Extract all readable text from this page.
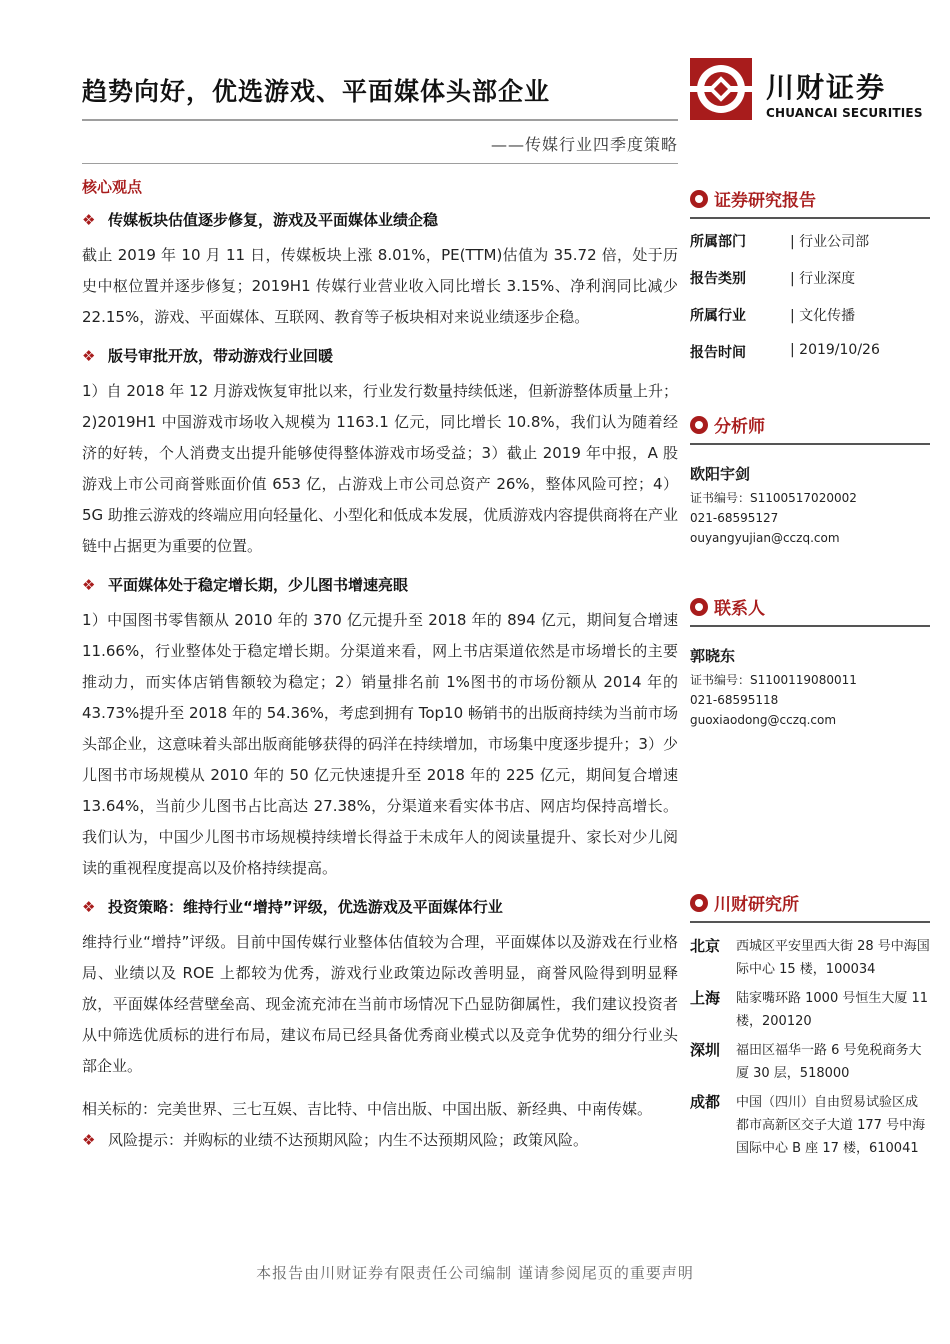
趋势向好，优选游戏、平面媒体头部企业
——传媒行业四季度策略
川财证券
CHUANCAI SECURITIES
核心观点
❖ 传媒板块估值逐步修复，游戏及平面媒体业绩企稳

截止 2019 年 10 月 11 日，传媒板块上涨 8.01%，PE(TTM)估值为 35.72 倍，处于历史中枢位置并逐步修复；2019H1 传媒行业营业收入同比增长 3.15%、净利润同比减少 22.15%，游戏、平面媒体、互联网、教育等子板块相对来说业绩逐步企稳。

❖ 版号审批开放，带动游戏行业回暖

1）自 2018 年 12 月游戏恢复审批以来，行业发行数量持续低迷，但新游整体质量上升；2)2019H1 中国游戏市场收入规模为 1163.1 亿元，同比增长 10.8%，我们认为随着经济的好转，个人消费支出提升能够使得整体游戏市场受益；3）截止 2019 年中报，A 股游戏上市公司商誉账面价值 653 亿，占游戏上市公司总资产 26%，整体风险可控；4）5G 助推云游戏的终端应用向轻量化、小型化和低成本发展，优质游戏内容提供商将在产业链中占据更为重要的位置。

❖ 平面媒体处于稳定增长期，少儿图书增速亮眼

1）中国图书零售额从 2010 年的 370 亿元提升至 2018 年的 894 亿元，期间复合增速 11.66%，行业整体处于稳定增长期。分渠道来看，网上书店渠道依然是市场增长的主要推动力，而实体店销售额较为稳定；2）销量排名前 1%图书的市场份额从 2014 年的 43.73%提升至 2018 年的 54.36%，考虑到拥有 Top10 畅销书的出版商持续为当前市场头部企业，这意味着头部出版商能够获得的码洋在持续增加，市场集中度逐步提升；3）少儿图书市场规模从 2010 年的 50 亿元快速提升至 2018 年的 225 亿元，期间复合增速 13.64%，当前少儿图书占比高达 27.38%，分渠道来看实体书店、网店均保持高增长。我们认为，中国少儿图书市场规模持续增长得益于未成年人的阅读量提升、家长对少儿阅读的重视程度提高以及价格持续提高。

❖ 投资策略：维持行业“增持”评级，优选游戏及平面媒体行业

维持行业“增持”评级。目前中国传媒行业整体估值较为合理，平面媒体以及游戏在行业格局、业绩以及 ROE 上都较为优秀，游戏行业政策边际改善明显，商誉风险得到明显释放，平面媒体经营壁垒高、现金流充沛在当前市场情况下凸显防御属性，我们建议投资者从中筛选优质标的进行布局，建议布局已经具备优秀商业模式以及竞争优势的细分行业头部企业。

相关标的：完美世界、三七互娱、吉比特、中信出版、中国出版、新经典、中南传媒。

❖ 风险提示：并购标的业绩不达预期风险；内生不达预期风险；政策风险。
证券研究报告
所属部门	| 行业公司部
报告类别	| 行业深度
所属行业	| 文化传播
报告时间	| 2019/10/26
分析师
欧阳宇剑
证书编号：S1100517020002
021-68595127
ouyangyujian@cczq.com
联系人
郭晓东
证书编号：S1100119080011
021-68595118
guoxiaodong@cczq.com
川财研究所
北京	西城区平安里西大街 28 号中海国际中心 15 楼，100034
上海	陆家嘴环路 1000 号恒生大厦 11 楼，200120
深圳	福田区福华一路 6 号免税商务大厦 30 层，518000
成都	中国（四川）自由贸易试验区成都市高新区交子大道 177 号中海国际中心 B 座 17 楼，610041
本报告由川财证券有限责任公司编制 谨请参阅尾页的重要声明
